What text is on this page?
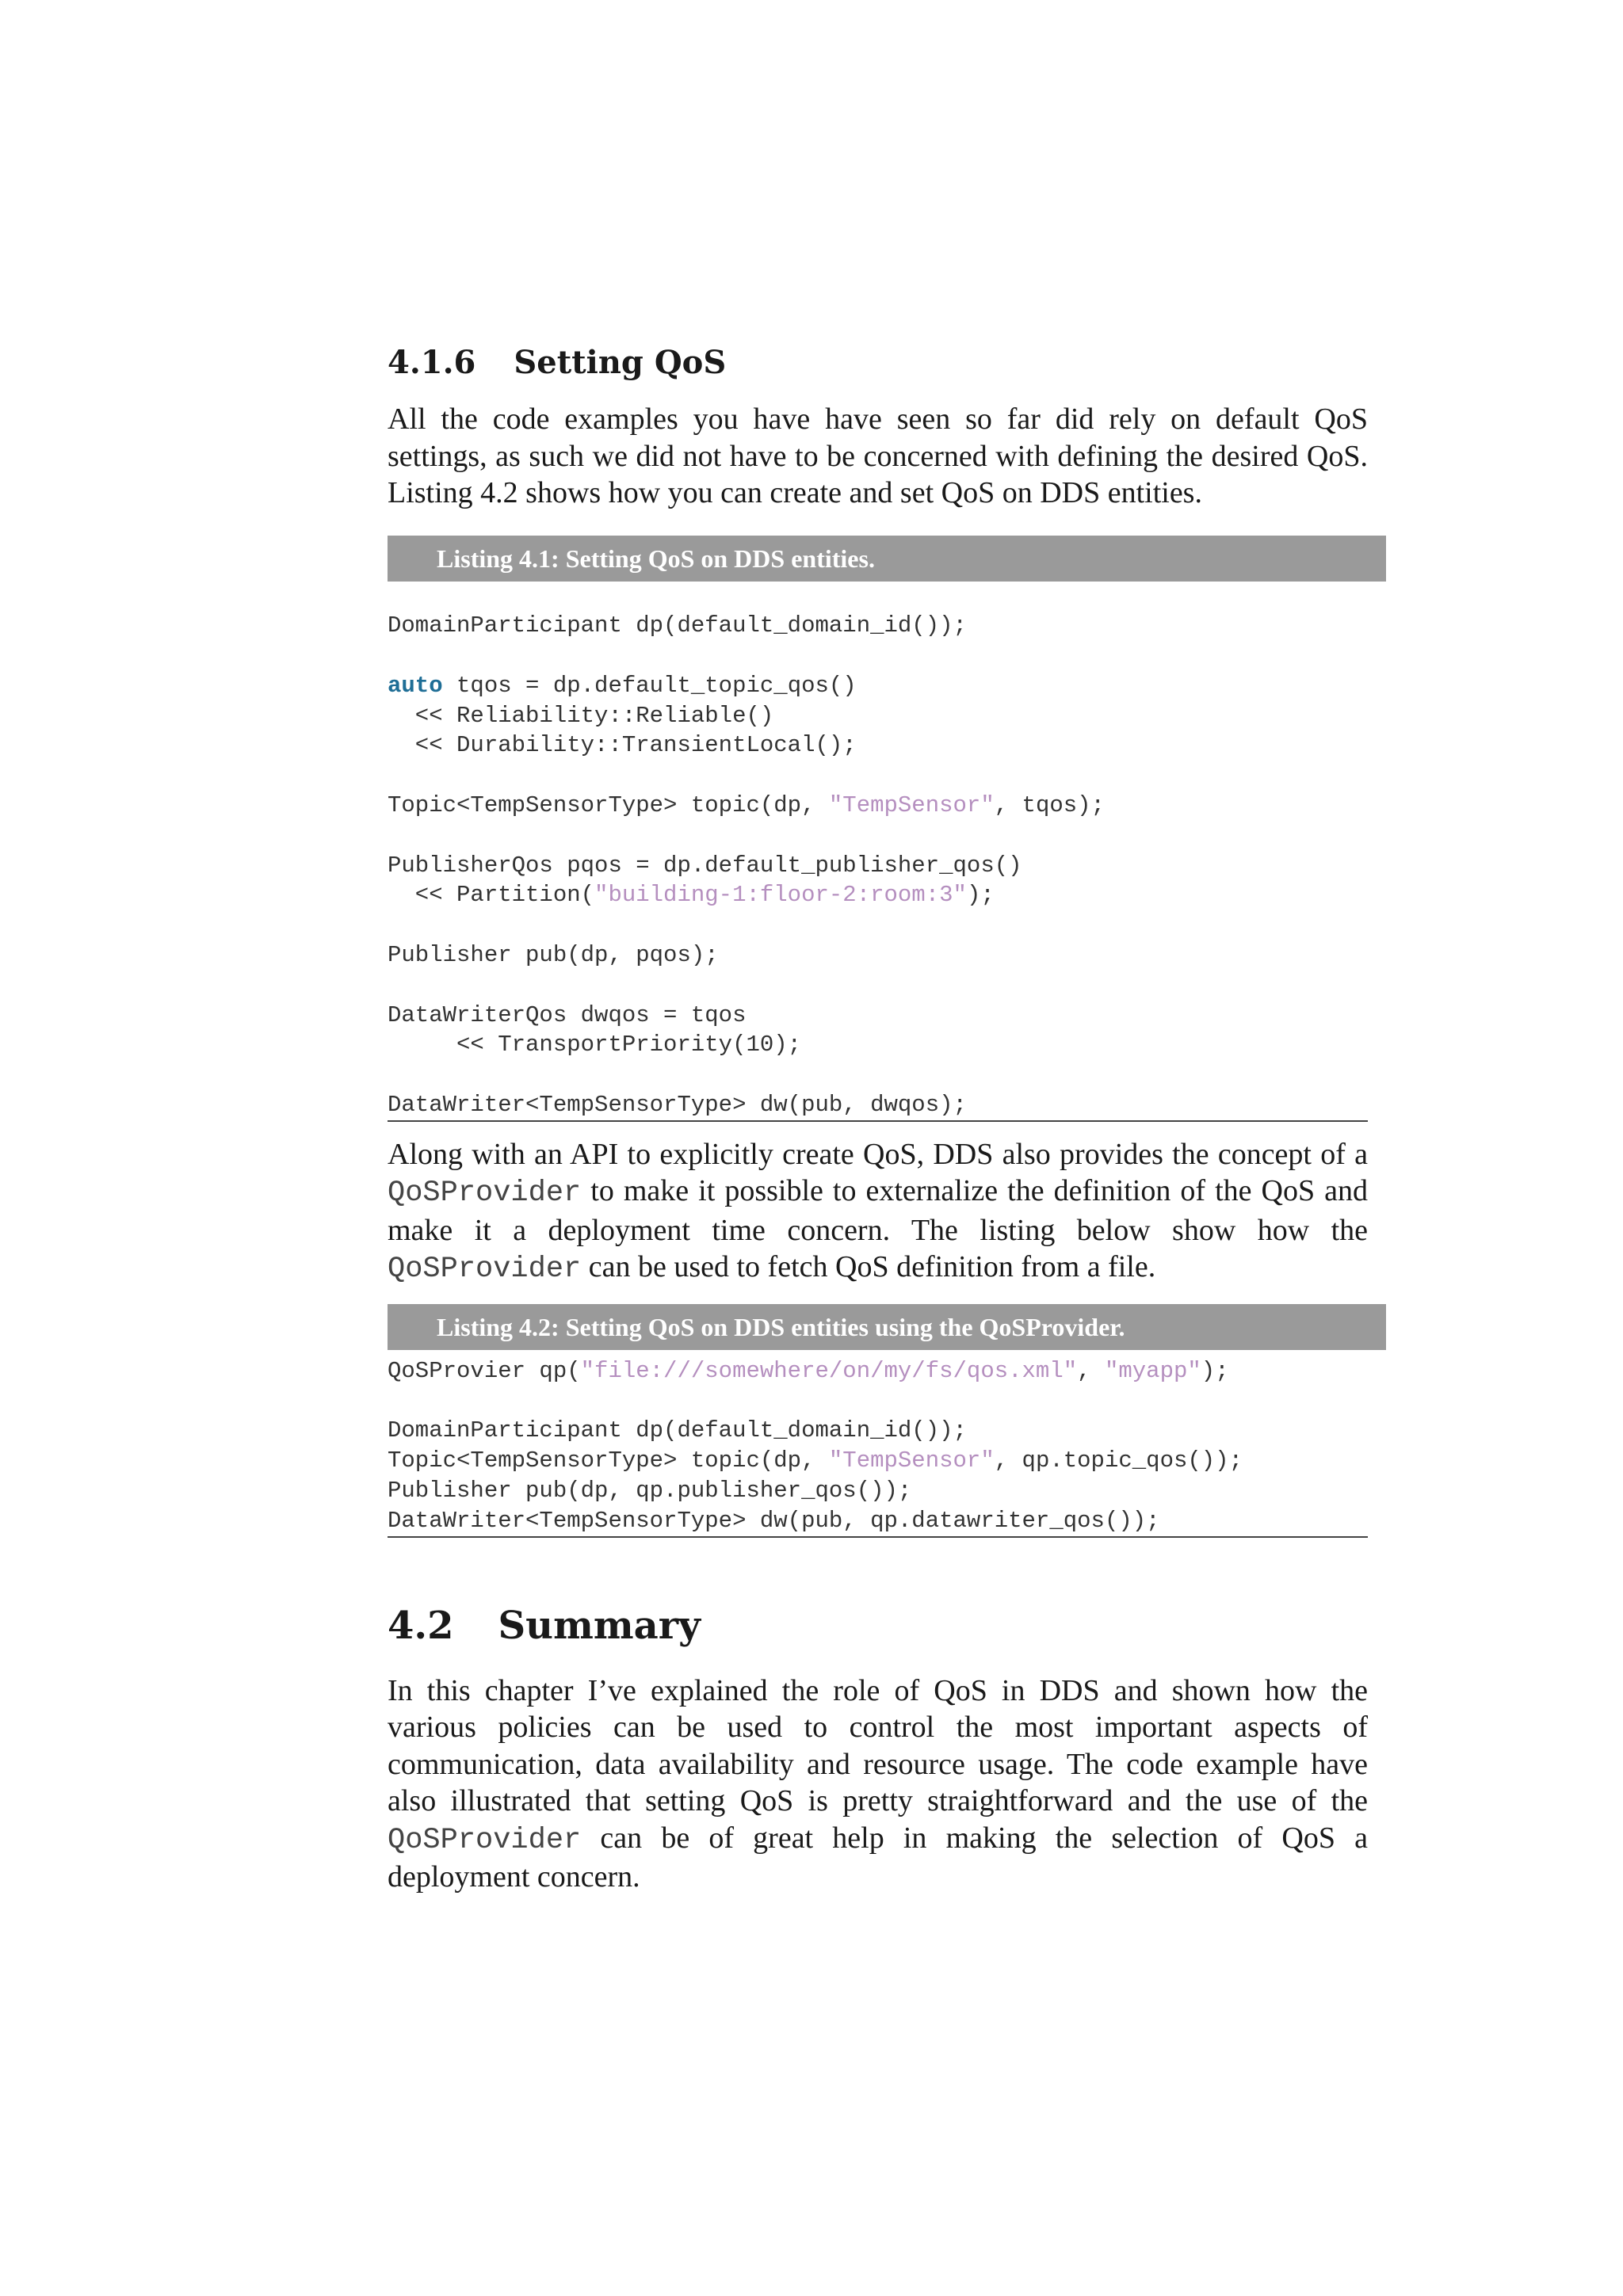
4.1.6 Setting QoS

All the code examples you have have seen so far did rely on default QoS settings, as such we did not have to be concerned with defining the desired QoS. Listing 4.2 shows how you can create and set QoS on DDS entities.

Listing 4.1: Setting QoS on DDS entities.

DomainParticipant dp(default_domain_id());

auto tqos = dp.default_topic_qos()
<< Reliability::Reliable()
<< Durability::TransientLocal();

Topic<TempSensorType> topic(dp, "TempSensor", tqos);

PublisherQos pqos = dp.default_publisher_qos()
<< Partition("building-1:floor-2:room:3");

Publisher pub(dp, pqos);

DataWriterQos dwqos = tqos
<< TransportPriority(10);

DataWriter<TempSensorType> dw(pub, dwqos);

Along with an API to explicitly create QoS, DDS also provides the concept of a QoSProvider to make it possible to externalize the definition of the QoS and make it a deployment time concern. The listing below show how the QoSProvider can be used to fetch QoS definition from a file.

Listing 4.2: Setting QoS on DDS entities using the QoSProvider.
QoSProvier qp("file:///somewhere/on/my/fs/qos.xml", "myapp");

DomainParticipant dp(default_domain_id());
Topic<TempSensorType> topic(dp, "TempSensor", qp.topic_qos());
Publisher pub(dp, qp.publisher_qos());
DataWriter<TempSensorType> dw(pub, qp.datawriter_qos());
4.2 Summary

In this chapter I’ve explained the role of QoS in DDS and shown how the various policies can be used to control the most important aspects of communication, data availability and resource usage. The code example have also illustrated that setting QoS is pretty straightforward and the use of the QoSProvider can be of great help in making the selection of QoS a deployment concern.
